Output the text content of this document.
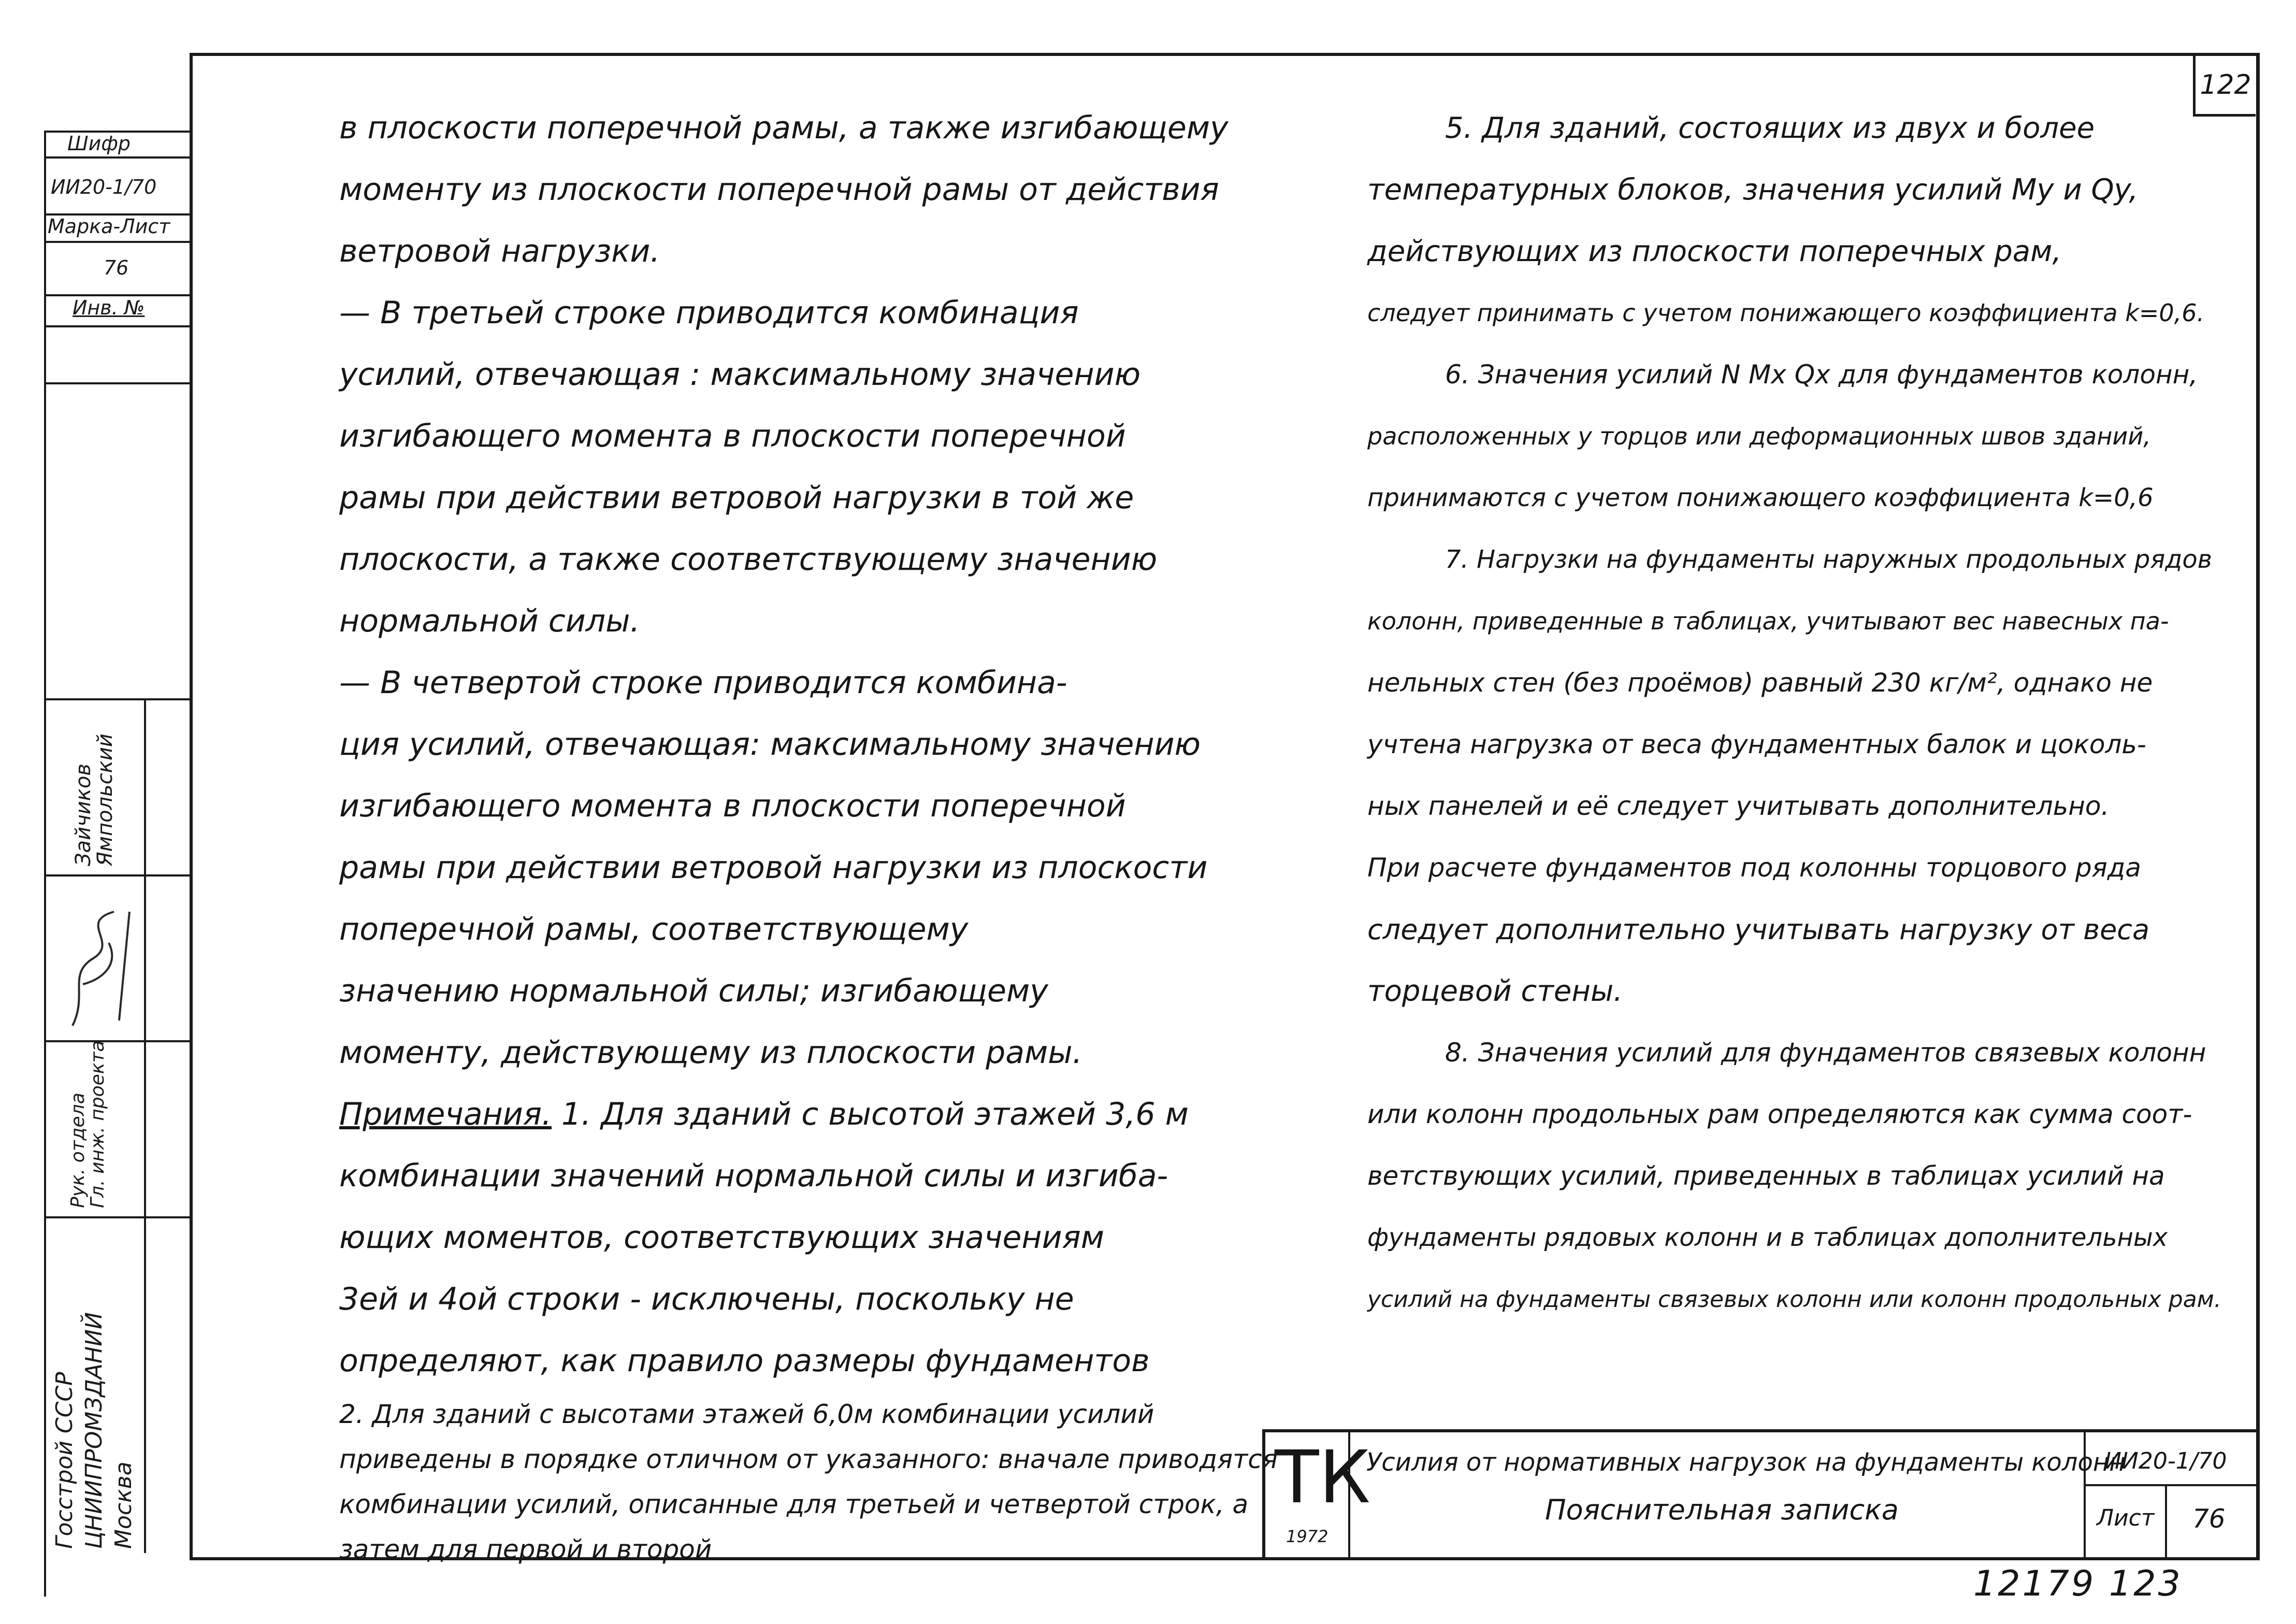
122
Шифр
ИИ20-1/70
Марка-Лист
76
Инв. №
Зайчиков
Ямпольский
Рук. отдела
Гл. инж. проекта
Госстрой СССР
ЦНИИПРОМЗДАНИЙ
Москва

в плоскости поперечной рамы, а также изгибающему

моменту из плоскости поперечной рамы от действия

ветровой нагрузки.

— В третьей строке приводится комбинация

усилий, отвечающая : максимальному значению

изгибающего момента в плоскости поперечной

рамы при действии ветровой нагрузки в той же

плоскости, а также соответствующему значению

нормальной силы.

— В четвертой строке приводится комбина-

ция усилий, отвечающая: максимальному значению

изгибающего момента в плоскости поперечной

рамы при действии ветровой нагрузки из плоскости

поперечной рамы, соответствующему

значению нормальной силы; изгибающему

моменту, действующему из плоскости рамы.

Примечания. 1. Для зданий с высотой этажей 3,6 м

комбинации значений нормальной силы и изгиба-

ющих моментов, соответствующих значениям

3ей и 4ой строки - исключены, поскольку не

определяют, как правило размеры фундаментов

2. Для зданий с высотами этажей 6,0м комбинации усилий

приведены в порядке отличном от указанного: вначале приводятся

комбинации усилий, описанные для третьей и четвертой строк, а

затем для первой и второй

5. Для зданий, состоящих из двух и более

температурных блоков, значения усилий My и Qy,

действующих из плоскости поперечных рам,

следует принимать с учетом понижающего коэффициента k=0,6.

6. Значения усилий N Mx Qx для фундаментов колонн,

расположенных у торцов или деформационных швов зданий,

принимаются с учетом понижающего коэффициента k=0,6

7. Нагрузки на фундаменты наружных продольных рядов

колонн, приведенные в таблицах, учитывают вес навесных па-

нельных стен (без проёмов) равный 230 кг/м², однако не

учтена нагрузка от веса фундаментных балок и цоколь-

ных панелей и её следует учитывать дополнительно.

При расчете фундаментов под колонны торцового ряда

следует дополнительно учитывать нагрузку от веса

торцевой стены.

8. Значения усилий для фундаментов связевых колонн

или колонн продольных рам определяются как сумма соот-

ветствующих усилий, приведенных в таблицах усилий на

фундаменты рядовых колонн и в таблицах дополнительных

усилий на фундаменты связевых колонн или колонн продольных рам.

ТК
1972
Усилия от нормативных нагрузок на фундаменты колонн
Пояснительная записка
ИИ20-1/70
Лист 76
12179 123
